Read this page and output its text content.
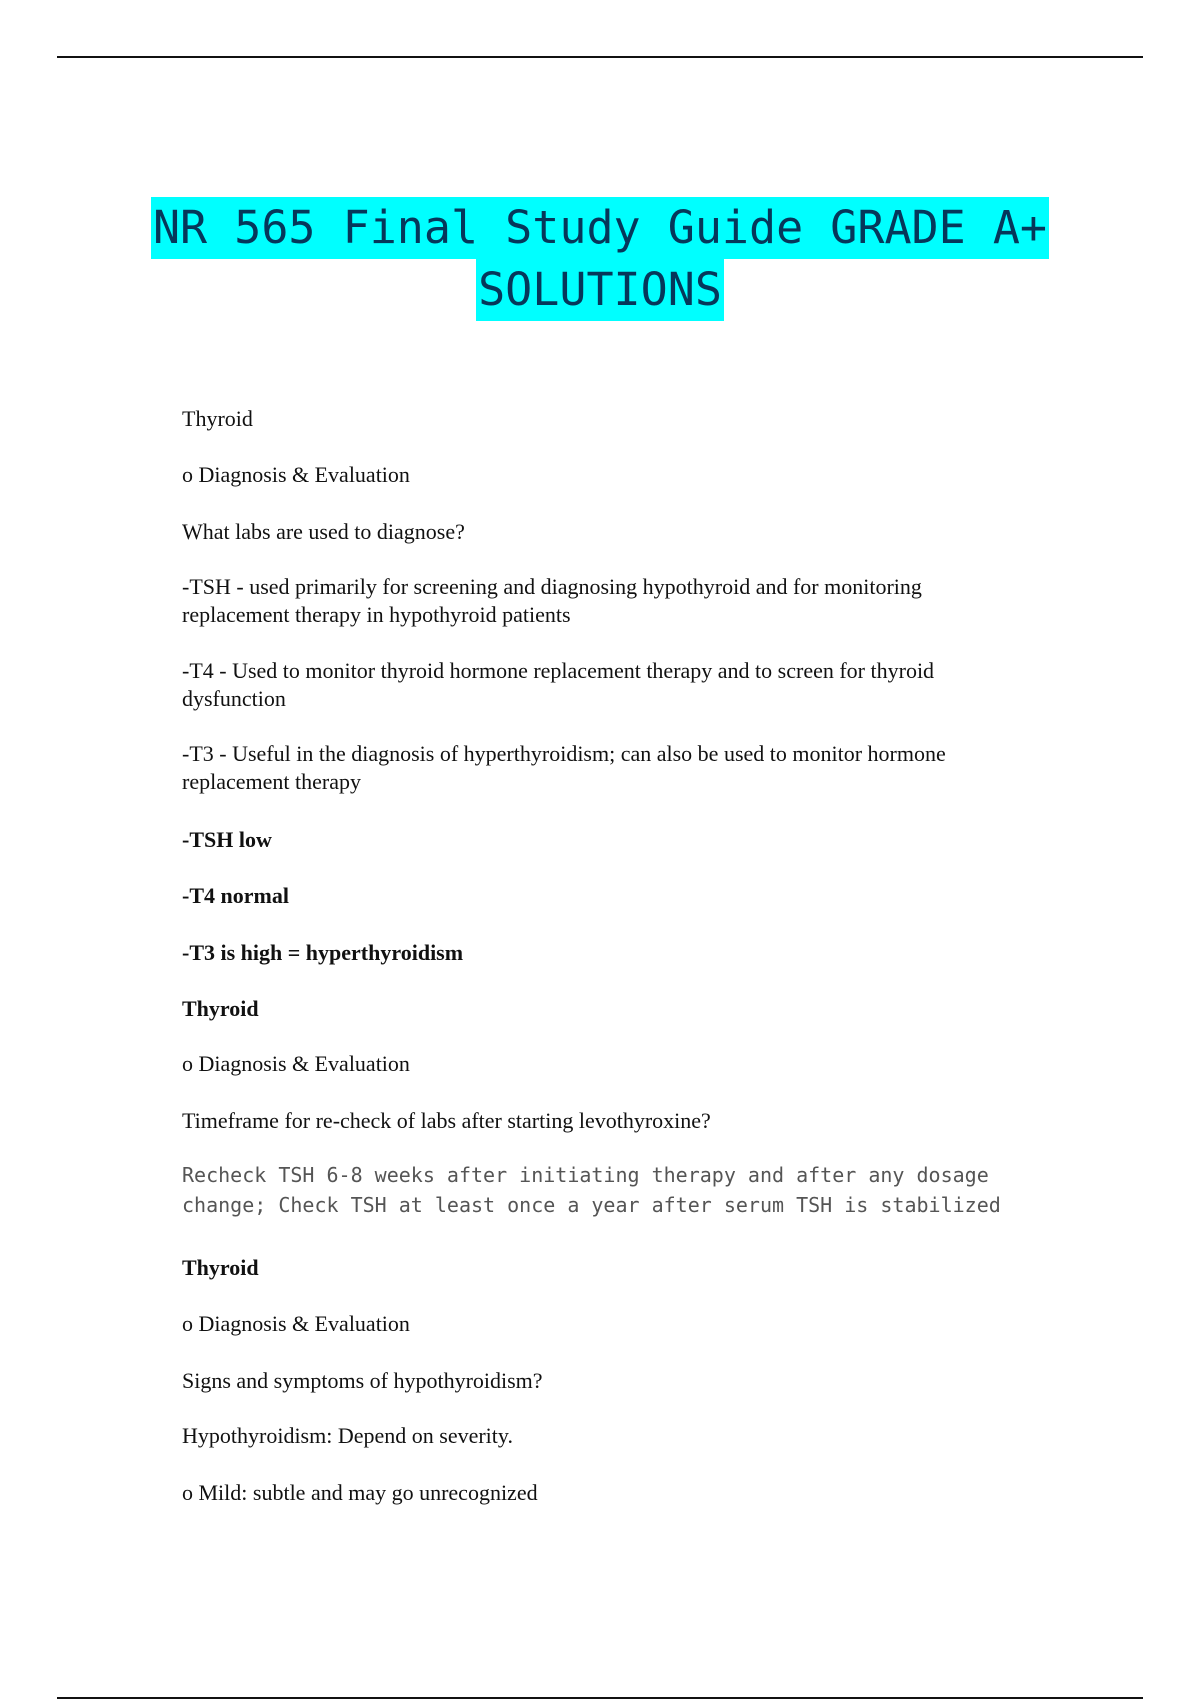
NR 565 Final Study Guide GRADE A+
SOLUTIONS

Thyroid

o Diagnosis & Evaluation

What labs are used to diagnose?

-TSH - used primarily for screening and diagnosing hypothyroid and for monitoring replacement therapy in hypothyroid patients

-T4 - Used to monitor thyroid hormone replacement therapy and to screen for thyroid dysfunction

-T3 - Useful in the diagnosis of hyperthyroidism; can also be used to monitor hormone replacement therapy

-TSH low

-T4 normal

-T3 is high = hyperthyroidism

Thyroid

o Diagnosis & Evaluation

Timeframe for re-check of labs after starting levothyroxine?

Recheck TSH 6-8 weeks after initiating therapy and after any dosage change; Check TSH at least once a year after serum TSH is stabilized

Thyroid

o Diagnosis & Evaluation

Signs and symptoms of hypothyroidism?

Hypothyroidism: Depend on severity.

o Mild: subtle and may go unrecognized
